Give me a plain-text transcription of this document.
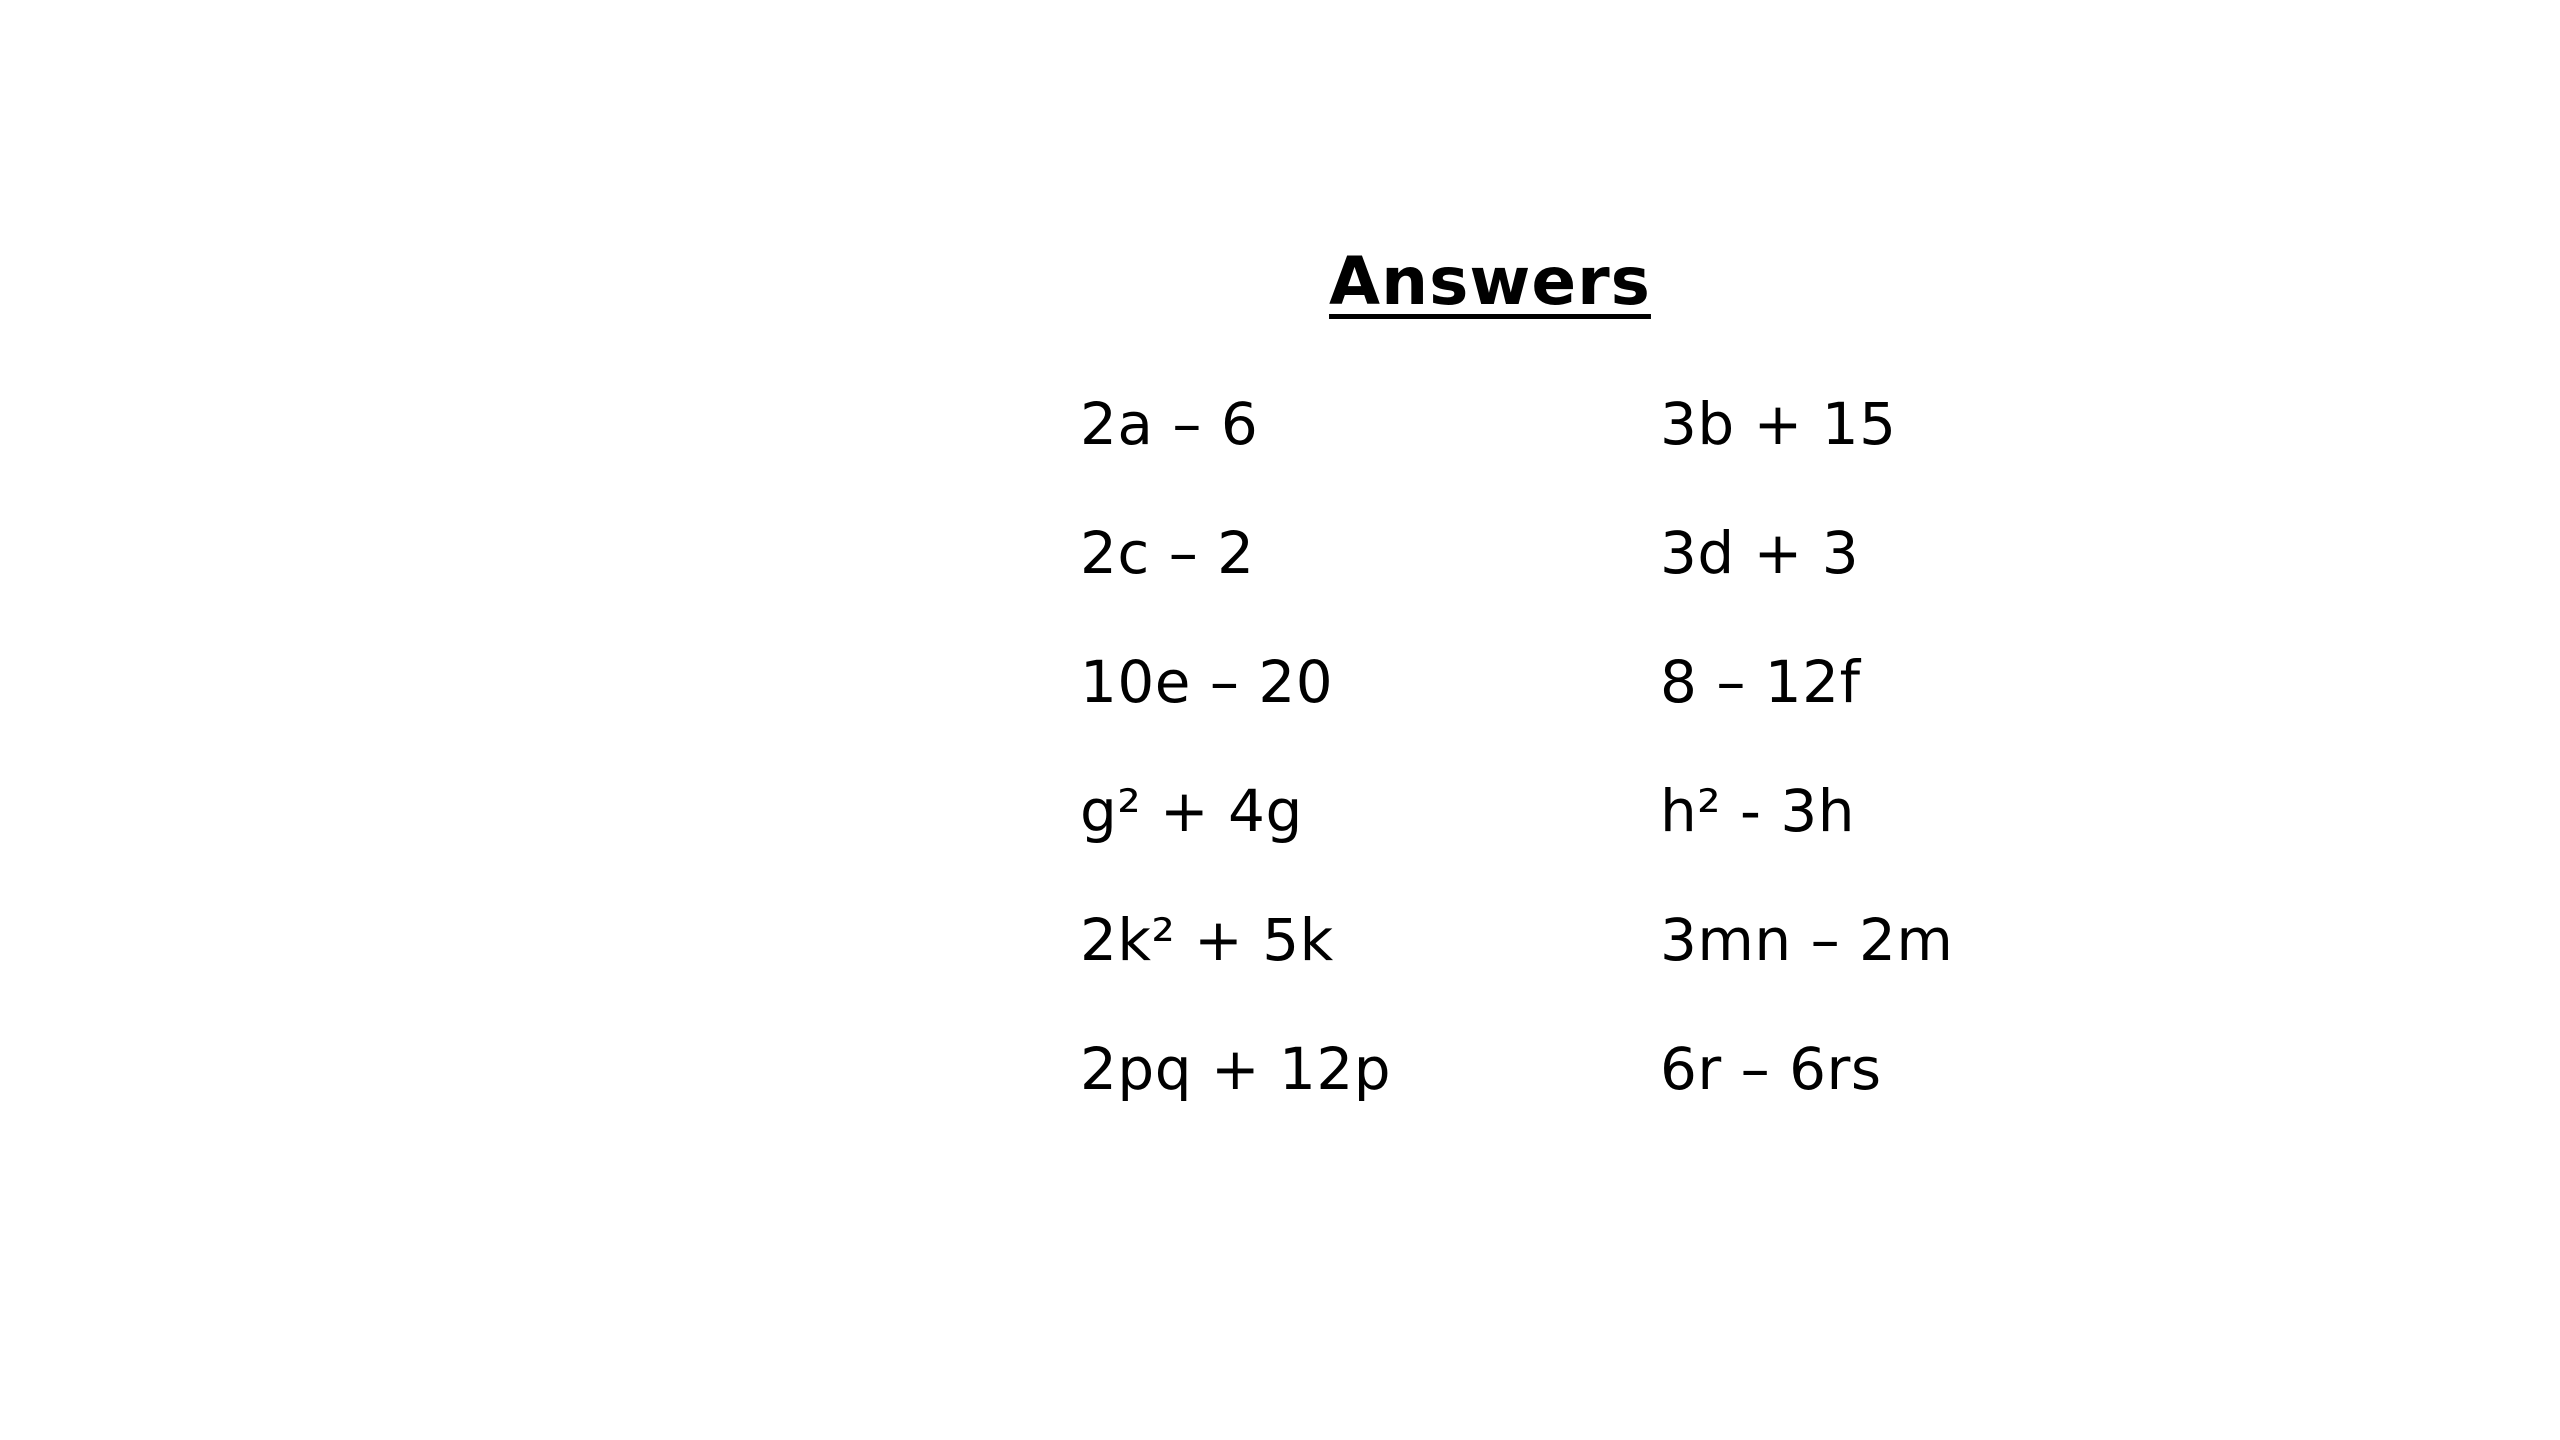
Answers
2a – 6	3b + 15
2c – 2	3d + 3
10e – 20	8 – 12f
g² + 4g	h² - 3h
2k² + 5k	3mn – 2m
2pq + 12p	6r – 6rs
